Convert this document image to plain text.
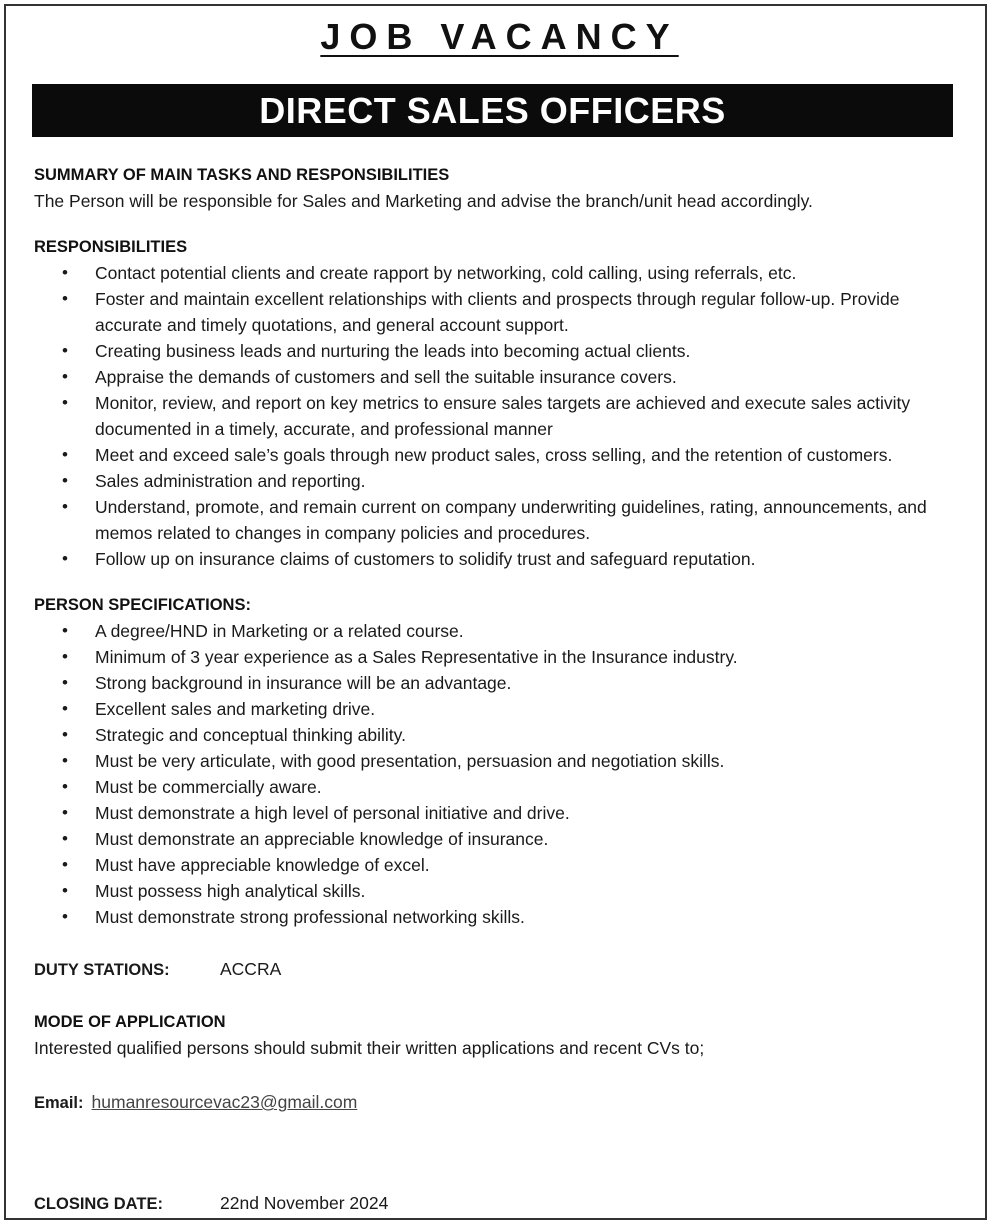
JOB VACANCY
DIRECT SALES OFFICERS
SUMMARY OF MAIN TASKS AND RESPONSIBILITIES

The Person will be responsible for Sales and Marketing and advise the branch/unit head accordingly.

RESPONSIBILITIES
• Contact potential clients and create rapport by networking, cold calling, using referrals, etc.
• Foster and maintain excellent relationships with clients and prospects through regular follow-up. Provide accurate and timely quotations, and general account support.
• Creating business leads and nurturing the leads into becoming actual clients.
• Appraise the demands of customers and sell the suitable insurance covers.
• Monitor, review, and report on key metrics to ensure sales targets are achieved and execute sales activity documented in a timely, accurate, and professional manner
• Meet and exceed sale’s goals through new product sales, cross selling, and the retention of customers.
• Sales administration and reporting.
• Understand, promote, and remain current on company underwriting guidelines, rating, announcements, and memos related to changes in company policies and procedures.
• Follow up on insurance claims of customers to solidify trust and safeguard reputation.
PERSON SPECIFICATIONS:
• A degree/HND in Marketing or a related course.
• Minimum of 3 year experience as a Sales Representative in the Insurance industry.
• Strong background in insurance will be an advantage.
• Excellent sales and marketing drive.
• Strategic and conceptual thinking ability.
• Must be very articulate, with good presentation, persuasion and negotiation skills.
• Must be commercially aware.
• Must demonstrate a high level of personal initiative and drive.
• Must demonstrate an appreciable knowledge of insurance.
• Must have appreciable knowledge of excel.
• Must possess high analytical skills.
• Must demonstrate strong professional networking skills.
DUTY STATIONS:	ACCRA
MODE OF APPLICATION

Interested qualified persons should submit their written applications and recent CVs to;

Email: humanresourcevac23@gmail.com
CLOSING DATE:	22nd November 2024
